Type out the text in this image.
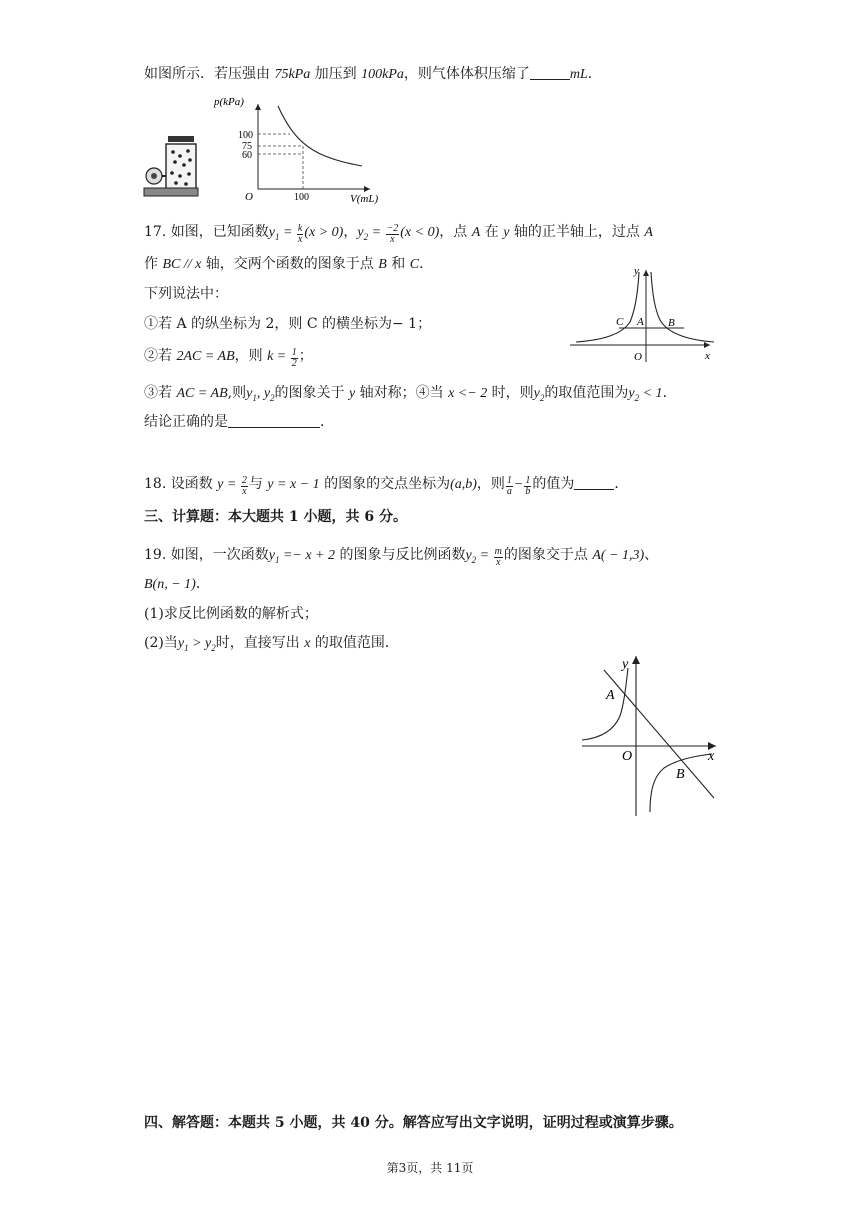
如图所示．若压强由 75kPa 加压到 100kPa，则气体体积压缩了	mL．
p(kPa)
100
75
60
O	100	V(mL)
17. 如图，已知函数$y_1 = \frac{k}{x} (x > 0)$，$y_2 = \frac{-2}{x} (x < 0)$，点 A 在 y 轴的正半轴上，过点 A
作 BC // x 轴，交两个函数的图象于点 B 和 C．
下列说法中：
①若 A 的纵坐标为 2，则 C 的横坐标为− 1；
②若 2AC = AB，则 $k = \frac{1}{2}$ ；
③若 AC = AB,则$y_1$, $y_2$的图象关于 y 轴对称；④当 x <− 2 时，则$y_2$的取值范围为$y_2 < 1$．
结论正确的是	．
y
x
O
C A B
18. 设函数 $y = \frac{2}{x}$ 与 y = x − 1 的图象的交点坐标为(a,b)，则 $\frac{1}{a} - \frac{1}{b}$ 的值为	．
三、计算题：本大题共 1 小题，共 6 分。
19. 如图，一次函数$y_1 =- x + 2$ 的图象与反比例函数$y_2 = \frac{m}{x}$ 的图象交于点 A( − 1,3)、
B(n, − 1)．
(1)求反比例函数的解析式；
(2)当$y_1 > y_2$时，直接写出 x 的取值范围．
y
x
O
A
B
四、解答题：本题共 5 小题，共 40 分。解答应写出文字说明，证明过程或演算步骤。
第3页，共 11页
